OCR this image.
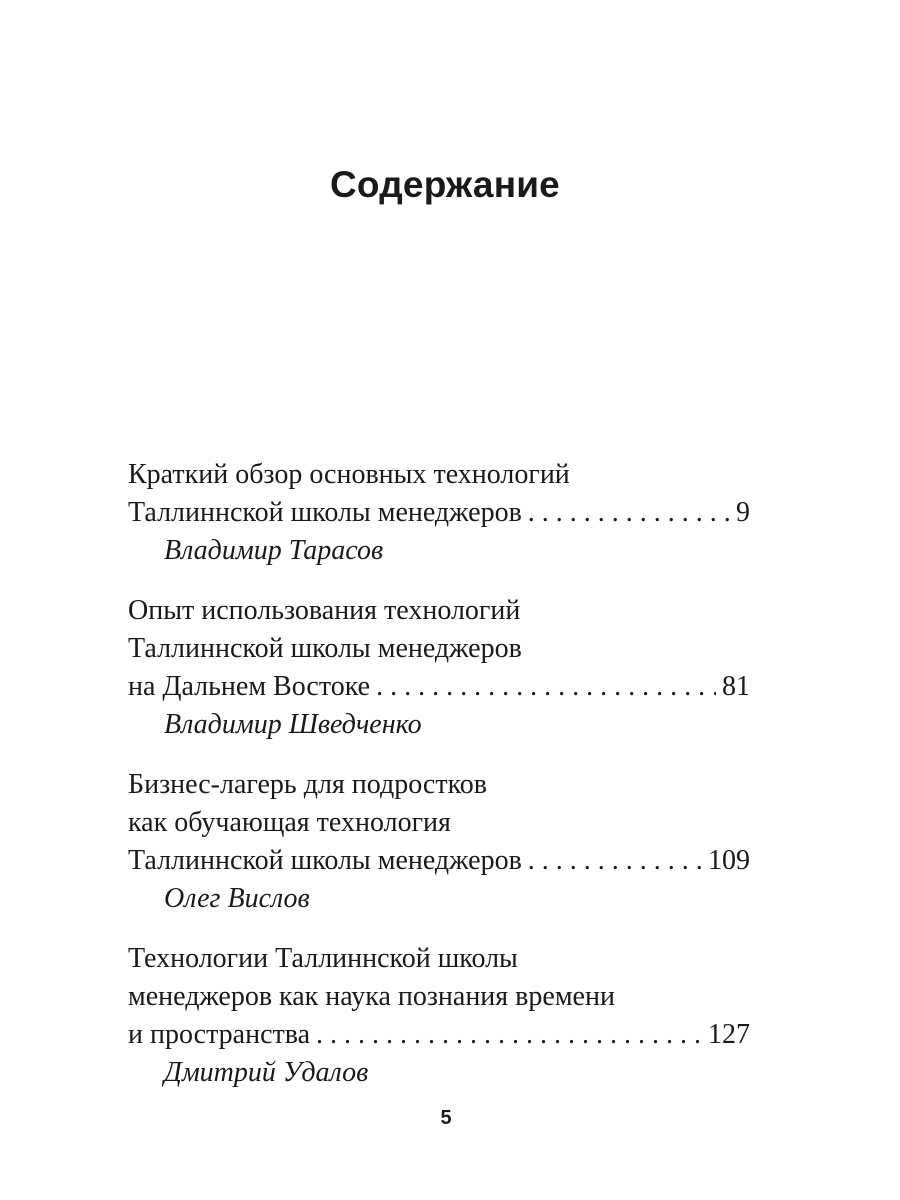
Содержание
Краткий обзор основных технологий
Таллиннской школы менеджеров . . .	9
Владимир Тарасов
Опыт использования технологий
Таллиннской школы менеджеров
на Дальнем Востоке . . .	81
Владимир Шведченко
Бизнес-лагерь для подростков
как обучающая технология
Таллиннской школы менеджеров . . .	109
Олег Вислов
Технологии Таллиннской школы
менеджеров как наука познания времени
и пространства . . .	127
Дмитрий Удалов
5
